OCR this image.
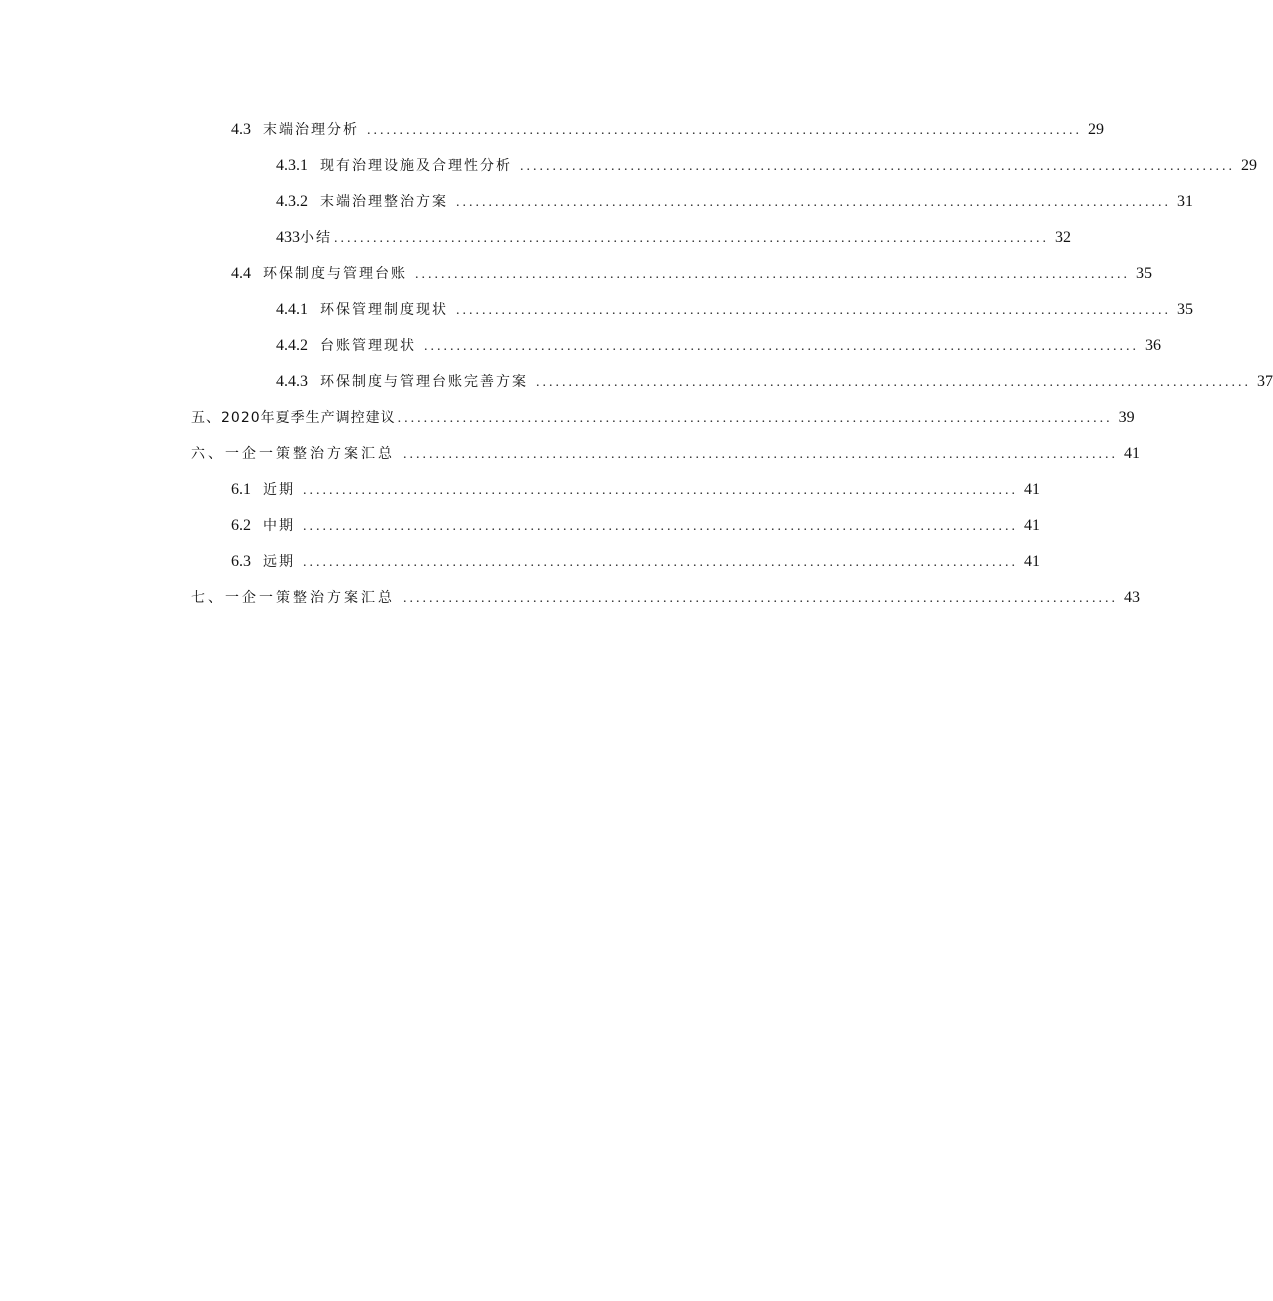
4.3 末端治理分析 .............................................................................................................. 29
4.3.1 现有治理设施及合理性分析 .............................................................................................................. 29
4.3.2 末端治理整治方案 .............................................................................................................. 31
433 小结 .............................................................................................................. 32
4.4 环保制度与管理台账 .............................................................................................................. 35
4.4.1 环保管理制度现状 .............................................................................................................. 35
4.4.2 台账管理现状 .............................................................................................................. 36
4.4.3 环保制度与管理台账完善方案 .............................................................................................................. 37
五、2020年夏季生产调控建议 .............................................................................................................. 39
六、一企一策整治方案汇总 .............................................................................................................. 41
6.1 近期 .............................................................................................................. 41
6.2 中期 .............................................................................................................. 41
6.3 远期 .............................................................................................................. 41
七、一企一策整治方案汇总 .............................................................................................................. 43
